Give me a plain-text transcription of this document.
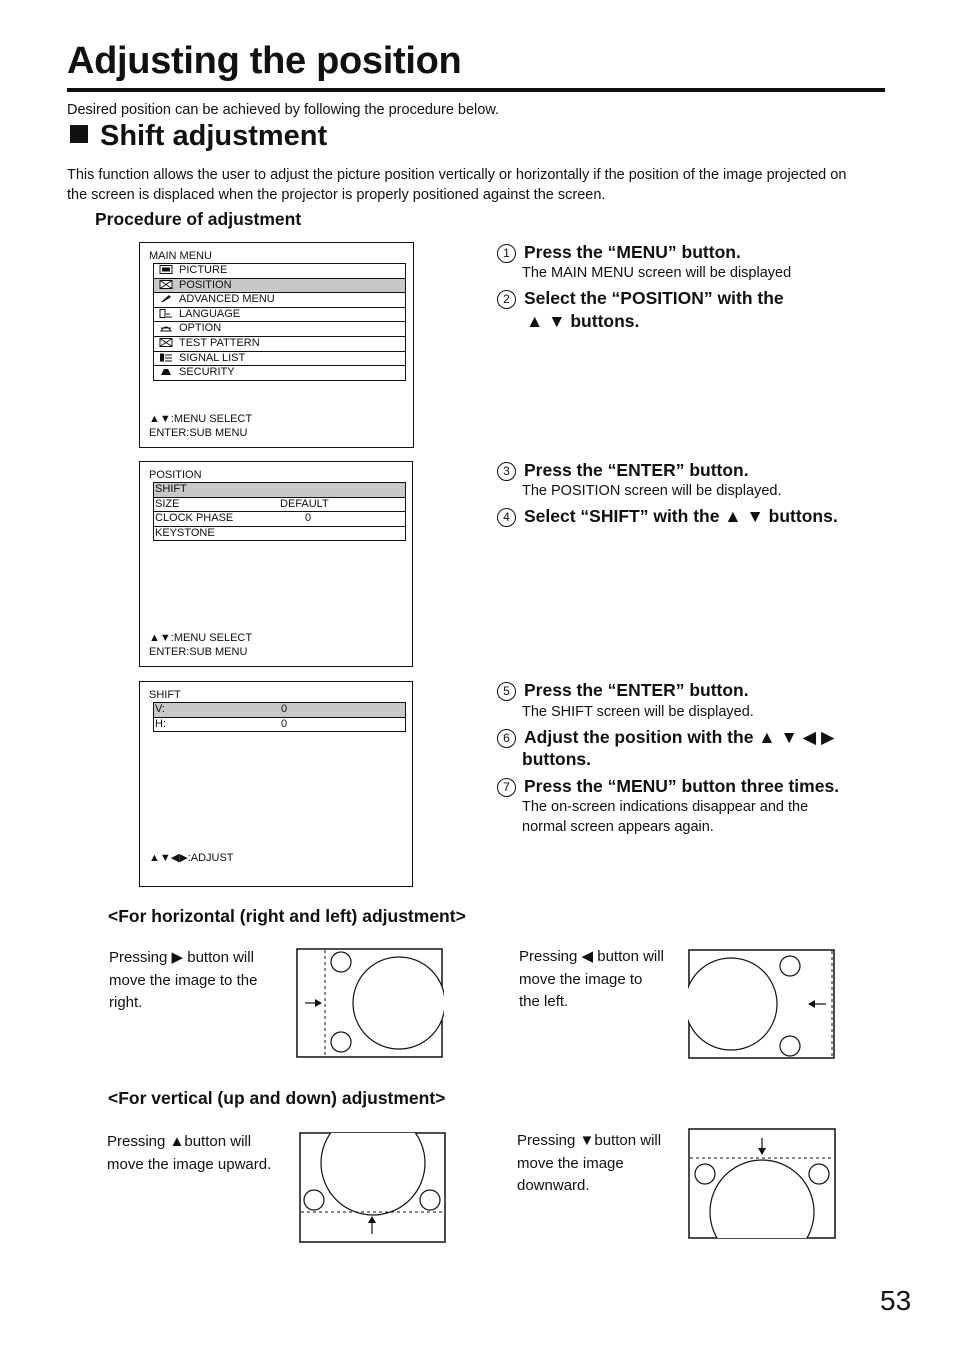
Adjusting the position
Desired position can be achieved by following the procedure below.
Shift adjustment
This function allows the user to adjust the picture position vertically or horizontally if the position of the image projected on the screen is displaced when the projector is properly positioned against the screen.
Procedure of adjustment
MAIN MENU
PICTURE
POSITION
ADVANCED MENU
LANGUAGE
OPTION
TEST PATTERN
SIGNAL LIST
SECURITY
▲▼:MENU SELECT
ENTER:SUB MENU
POSITION
SHIFT
SIZE	DEFAULT
CLOCK PHASE	0
KEYSTONE
▲▼:MENU SELECT
ENTER:SUB MENU
SHIFT
V:	0
H:	0
▲▼◀▶:ADJUST
1 Press the “MENU” button.
The MAIN MENU screen will be displayed
2 Select the “POSITION” with the
▲ ▼ buttons.
3 Press the “ENTER” button.
The POSITION screen will be displayed.
4 Select “SHIFT” with the ▲ ▼ buttons.
5 Press the “ENTER” button.
The SHIFT screen will be displayed.
6 Adjust the position with the ▲ ▼ ◀ ▶
buttons.
7 Press the “MENU” button three times.
The on-screen indications disappear and the
normal screen appears again.
<For horizontal (right and left) adjustment>
Pressing ▶ button will
move the image to the
right.
Pressing ◀ button will
move the image to
the left.
<For vertical (up and down) adjustment>
Pressing ▲button will
move the image upward.
Pressing ▼button will
move the image
downward.
53
